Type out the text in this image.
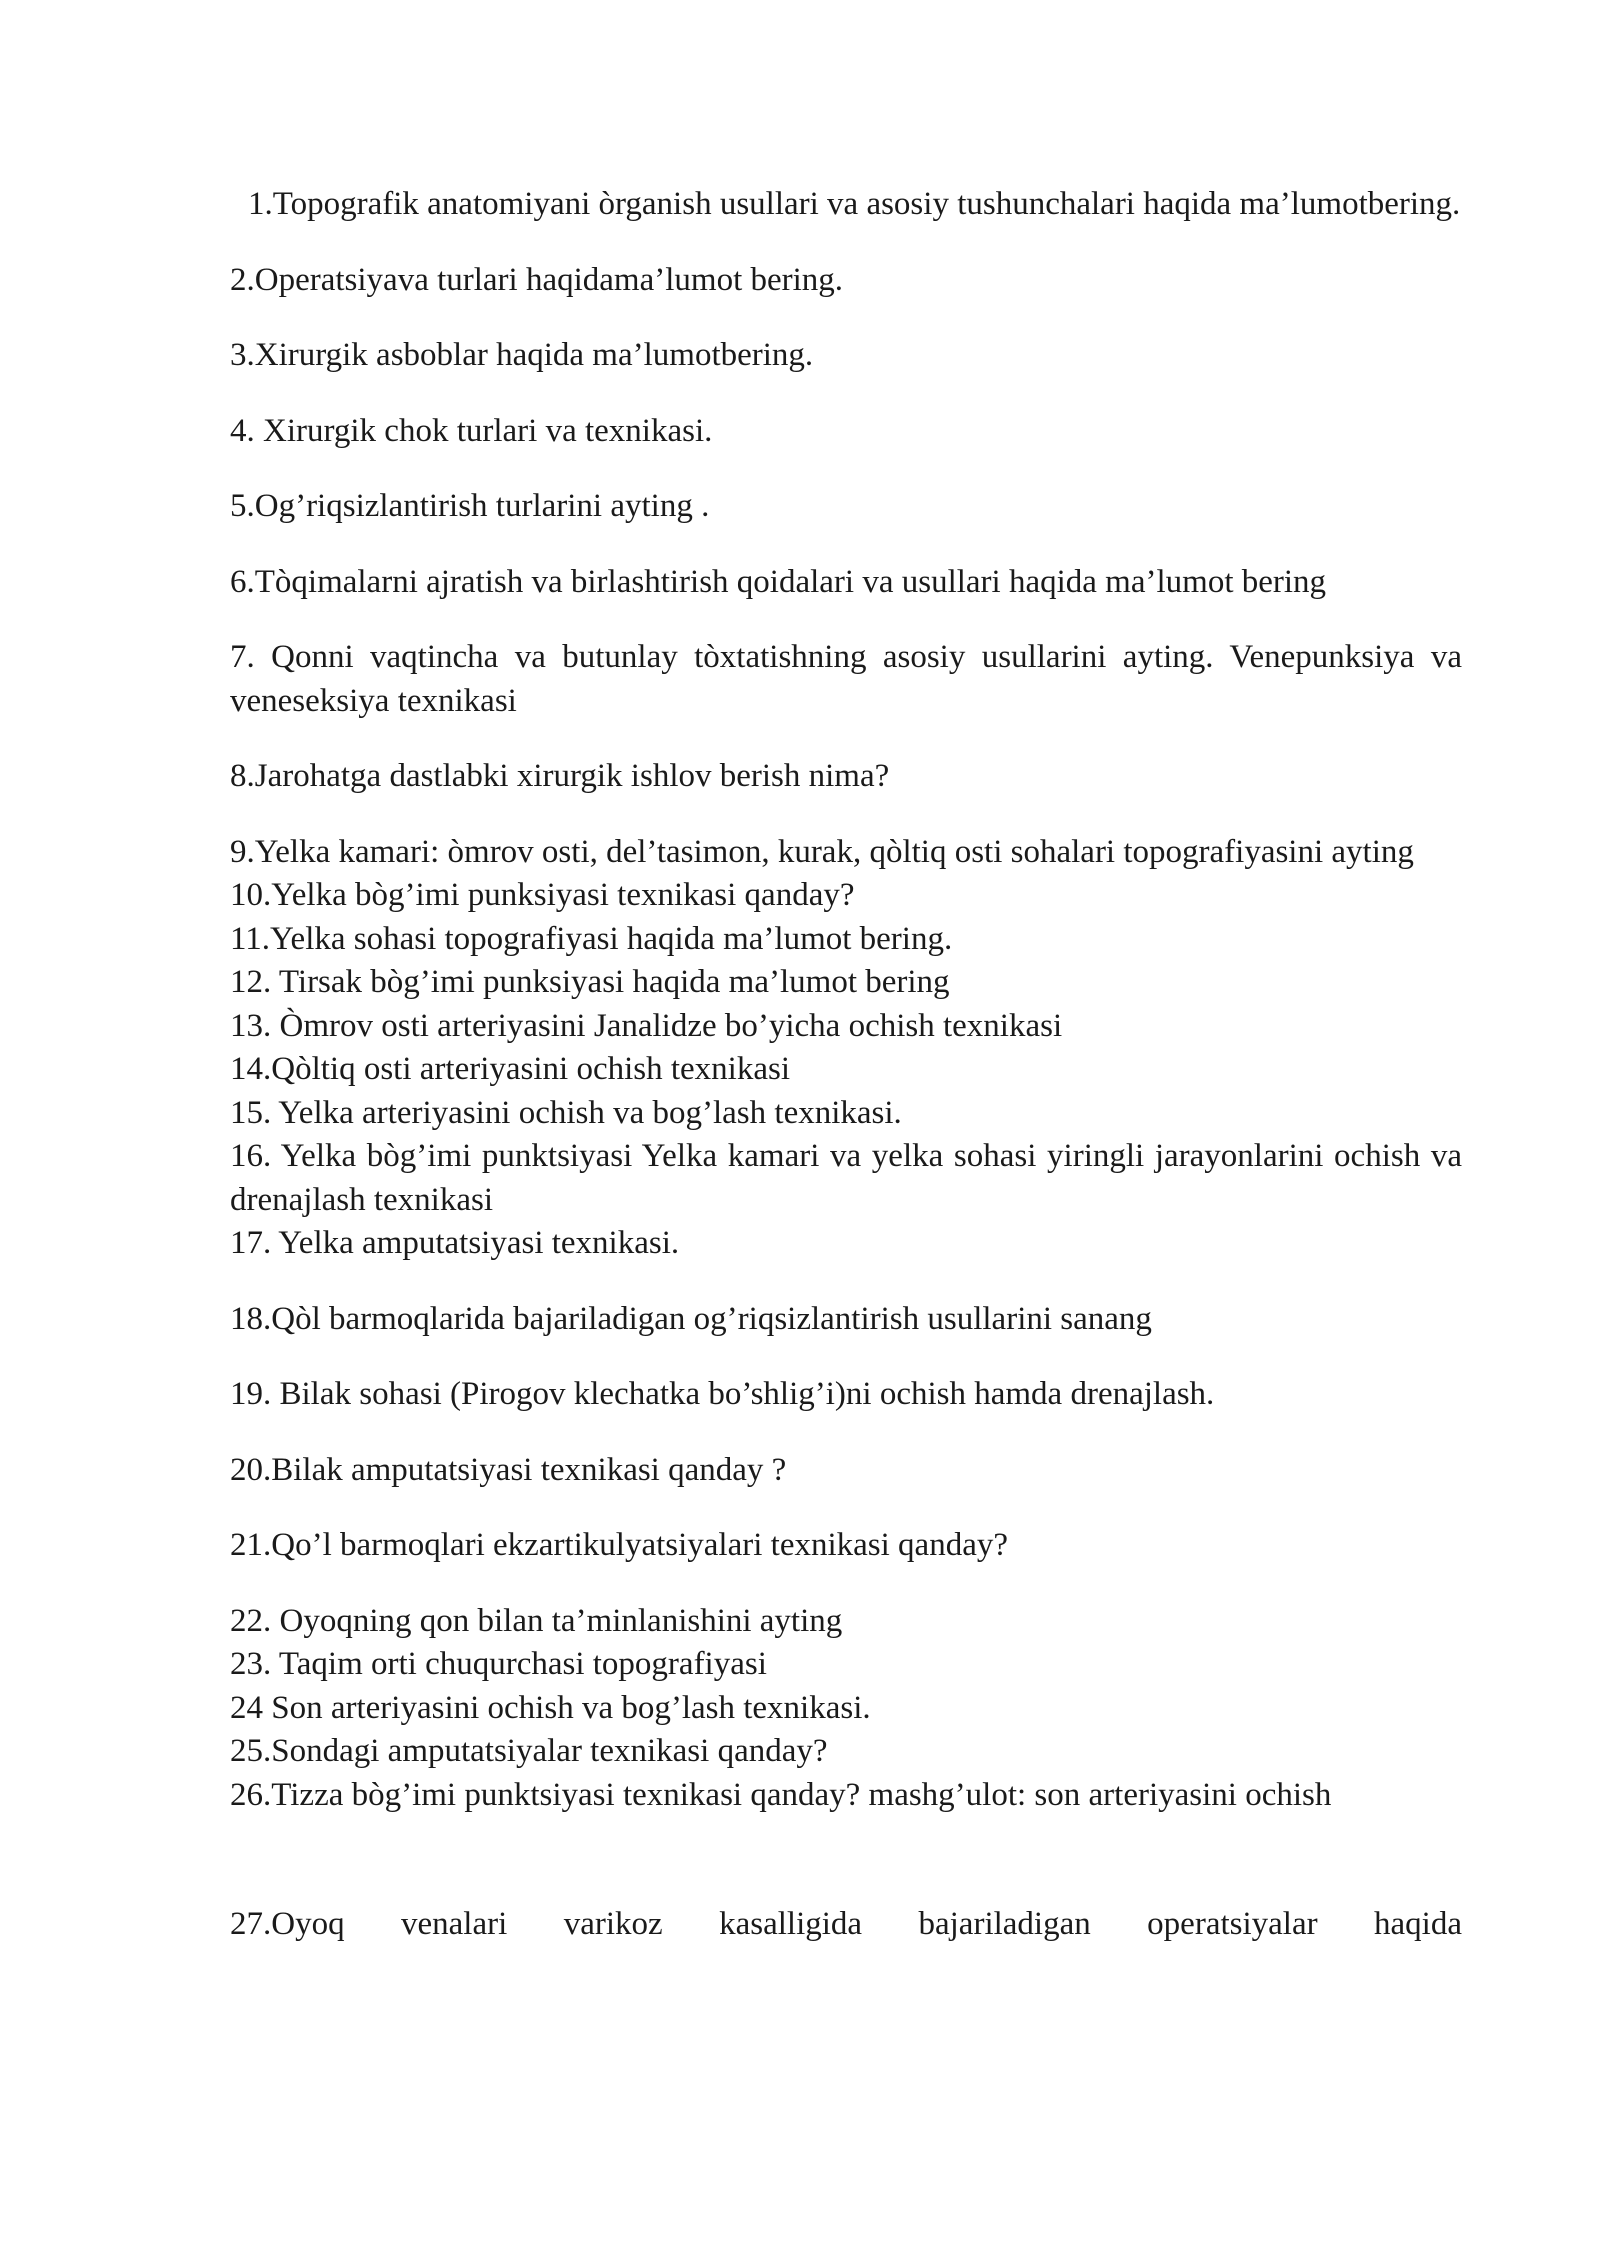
1.Topografik anatomiyani òrganish usullari va asosiy tushunchalari haqida ma’lumotbering.

2.Operatsiyava turlari haqidama’lumot bering.

3.Xirurgik asboblar haqida ma’lumotbering.

4. Xirurgik chok turlari va texnikasi.

5.Og’riqsizlantirish turlarini ayting .

6.Tòqimalarni ajratish va birlashtirish qoidalari va usullari haqida ma’lumot bering

7. Qonni vaqtincha va butunlay tòxtatishning asosiy usullarini ayting. Venepunksiya va veneseksiya texnikasi

8.Jarohatga dastlabki xirurgik ishlov berish nima?

9.Yelka kamari: òmrov osti, del’tasimon, kurak, qòltiq osti sohalari topografiyasini ayting

10.Yelka bòg’imi punksiyasi texnikasi qanday?

11.Yelka sohasi topografiyasi haqida ma’lumot bering.

12. Tirsak bòg’imi punksiyasi haqida ma’lumot bering

13. Òmrov osti arteriyasini Janalidze bo’yicha ochish texnikasi

14.Qòltiq osti arteriyasini ochish texnikasi

15. Yelka arteriyasini ochish va bog’lash texnikasi.

16. Yelka bòg’imi punktsiyasi Yelka kamari va yelka sohasi yiringli jarayonlarini ochish va drenajlash texnikasi

17. Yelka amputatsiyasi texnikasi.

18.Qòl barmoqlarida bajariladigan og’riqsizlantirish usullarini sanang

19. Bilak sohasi (Pirogov klechatka bo’shlig’i)ni ochish hamda drenajlash.

20.Bilak amputatsiyasi texnikasi qanday ?

21.Qo’l barmoqlari ekzartikulyatsiyalari texnikasi qanday?

22. Oyoqning qon bilan ta’minlanishini ayting

23. Taqim orti chuqurchasi topografiyasi

24 Son arteriyasini ochish va bog’lash texnikasi.

25.Sondagi amputatsiyalar texnikasi qanday?

26.Tizza bòg’imi punktsiyasi texnikasi qanday? mashg’ulot: son arteriyasini ochish

27.Oyoq venalari varikoz kasalligida bajariladigan operatsiyalar haqida
